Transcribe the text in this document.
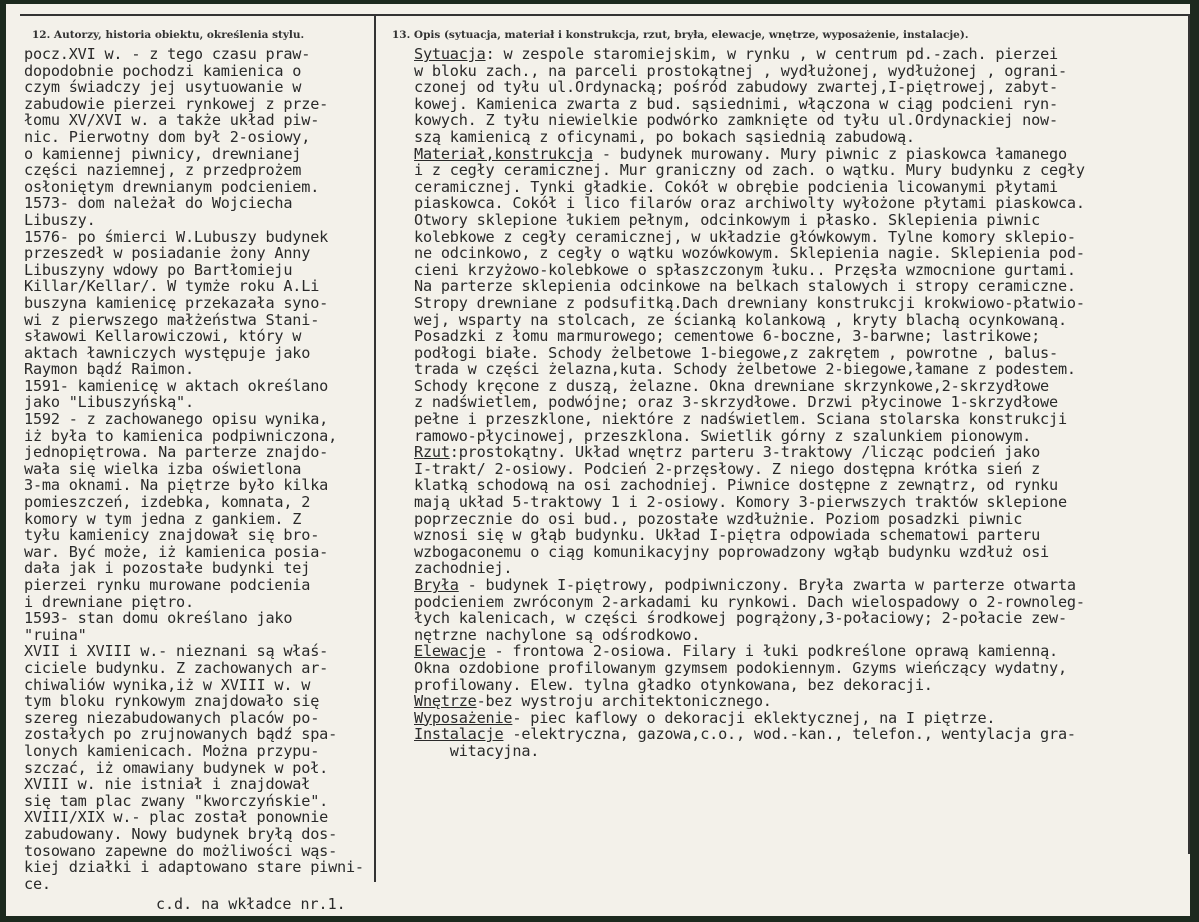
12. Autorzy, historia obiektu, określenia stylu.	13. Opis (sytuacja, materiał i konstrukcja, rzut, bryła, elewacje, wnętrze, wyposażenie, instalacje).
pocz.XVI w. - z tego czasu praw-
dopodobnie pochodzi kamienica o
czym świadczy jej usytuowanie w
zabudowie pierzei rynkowej z prze-
łomu XV/XVI w. a także układ piw-
nic. Pierwotny dom był 2-osiowy,
o kamiennej piwnicy, drewnianej
części naziemnej, z przedprożem
osłoniętym drewnianym podcieniem.
1573- dom należał do Wojciecha
Libuszy.
1576- po śmierci W.Lubuszy budynek
przeszedł w posiadanie żony Anny
Libuszyny wdowy po Bartłomieju
Killar/Kellar/. W tymże roku A.Li
buszyna kamienicę przekazała syno-
wi z pierwszego małżeństwa Stani-
sławowi Kellarowiczowi, który w
aktach ławniczych występuje jako
Raymon bądź Raimon.
1591- kamienicę w aktach określano
jako "Libuszyńską".
1592 - z zachowanego opisu wynika,
iż była to kamienica podpiwniczona,
jednopiętrowa. Na parterze znajdo-
wała się wielka izba oświetlona
3-ma oknami. Na piętrze było kilka
pomieszczeń, izdebka, komnata, 2
komory w tym jedna z gankiem. Z
tyłu kamienicy znajdował się bro-
war. Być może, iż kamienica posia-
dała jak i pozostałe budynki tej
pierzei rynku murowane podcienia
i drewniane piętro.
1593- stan domu określano jako
"ruina"
XVII i XVIII w.- nieznani są właś-
ciciele budynku. Z zachowanych ar-
chiwaliów wynika,iż w XVIII w. w
tym bloku rynkowym znajdowało się
szereg niezabudowanych placów po-
zostałych po zrujnowanych bądź spa-
lonych kamienicach. Można przypu-
szczać, iż omawiany budynek w poł.
XVIII w. nie istniał i znajdował
się tam plac zwany "kworczyńskie".
XVIII/XIX w.- plac został ponownie
zabudowany. Nowy budynek bryłą dos-
tosowano zapewne do możliwości wąs-
kiej działki i adaptowano stare piwni-
ce.
Sytuacja: w zespole staromiejskim, w rynku , w centrum pd.-zach. pierzei
w bloku zach., na parceli prostokątnej , wydłużonej, wydłużonej , ograni-
czonej od tyłu ul.Ordynacką; pośród zabudowy zwartej,I-piętrowej, zabyt-
kowej. Kamienica zwarta z bud. sąsiednimi, włączona w ciąg podcieni ryn-
kowych. Z tyłu niewielkie podwórko zamknięte od tyłu ul.Ordynackiej now-
szą kamienicą z oficynami, po bokach sąsiednią zabudową.
Materiał,konstrukcja - budynek murowany. Mury piwnic z piaskowca łamanego
i z cegły ceramicznej. Mur graniczny od zach. o wątku. Mury budynku z cegły
ceramicznej. Tynki gładkie. Cokół w obrębie podcienia licowanymi płytami
piaskowca. Cokół i lico filarów oraz archiwolty wyłożone płytami piaskowca.
Otwory sklepione łukiem pełnym, odcinkowym i płasko. Sklepienia piwnic
kolebkowe z cegły ceramicznej, w układzie główkowym. Tylne komory sklepio-
ne odcinkowo, z cegły o wątku wozówkowym. Sklepienia nagie. Sklepienia pod-
cieni krzyżowo-kolebkowe o spłaszczonym łuku.. Przęsła wzmocnione gurtami.
Na parterze sklepienia odcinkowe na belkach stalowych i stropy ceramiczne.
Stropy drewniane z podsufitką.Dach drewniany konstrukcji krokwiowo-płatwio-
wej, wsparty na stolcach, ze ścianką kolankową , kryty blachą ocynkowaną.
Posadzki z łomu marmurowego; cementowe 6-boczne, 3-barwne; lastrikowe;
podłogi białe. Schody żelbetowe 1-biegowe,z zakrętem , powrotne , balus-
trada w części żelazna,kuta. Schody żelbetowe 2-biegowe,łamane z podestem.
Schody kręcone z duszą, żelazne. Okna drewniane skrzynkowe,2-skrzydłowe
z nadświetlem, podwójne; oraz 3-skrzydłowe. Drzwi płycinowe 1-skrzydłowe
pełne i przeszklone, niektóre z nadświetlem. Sciana stolarska konstrukcji
ramowo-płycinowej, przeszklona. Swietlik górny z szalunkiem pionowym.
Rzut:prostokątny. Układ wnętrz parteru 3-traktowy /licząc podcień jako
I-trakt/ 2-osiowy. Podcień 2-przęsłowy. Z niego dostępna krótka sień z
klatką schodową na osi zachodniej. Piwnice dostępne z zewnątrz, od rynku
mają układ 5-traktowy 1 i 2-osiowy. Komory 3-pierwszych traktów sklepione
poprzecznie do osi bud., pozostałe wzdłużnie. Poziom posadzki piwnic
wznosi się w głąb budynku. Układ I-piętra odpowiada schematowi parteru
wzbogaconemu o ciąg komunikacyjny poprowadzony wgłąb budynku wzdłuż osi
zachodniej.
Bryła - budynek I-piętrowy, podpiwniczony. Bryła zwarta w parterze otwarta
podcieniem zwróconym 2-arkadami ku rynkowi. Dach wielospadowy o 2-rownoleg-
łych kalenicach, w części środkowej pogrążony,3-połaciowy; 2-połacie zew-
nętrzne nachylone są odśrodkowo.
Elewacje - frontowa 2-osiowa. Filary i łuki podkreślone oprawą kamienną.
Okna ozdobione profilowanym gzymsem podokiennym. Gzyms wieńczący wydatny,
profilowany. Elew. tylna gładko otynkowana, bez dekoracji.
Wnętrze-bez wystroju architektonicznego.
Wyposażenie- piec kaflowy o dekoracji eklektycznej, na I piętrze.
Instalacje -elektryczna, gazowa,c.o., wod.-kan., telefon., wentylacja gra-
witacyjna.
c.d. na wkładce nr.1.
